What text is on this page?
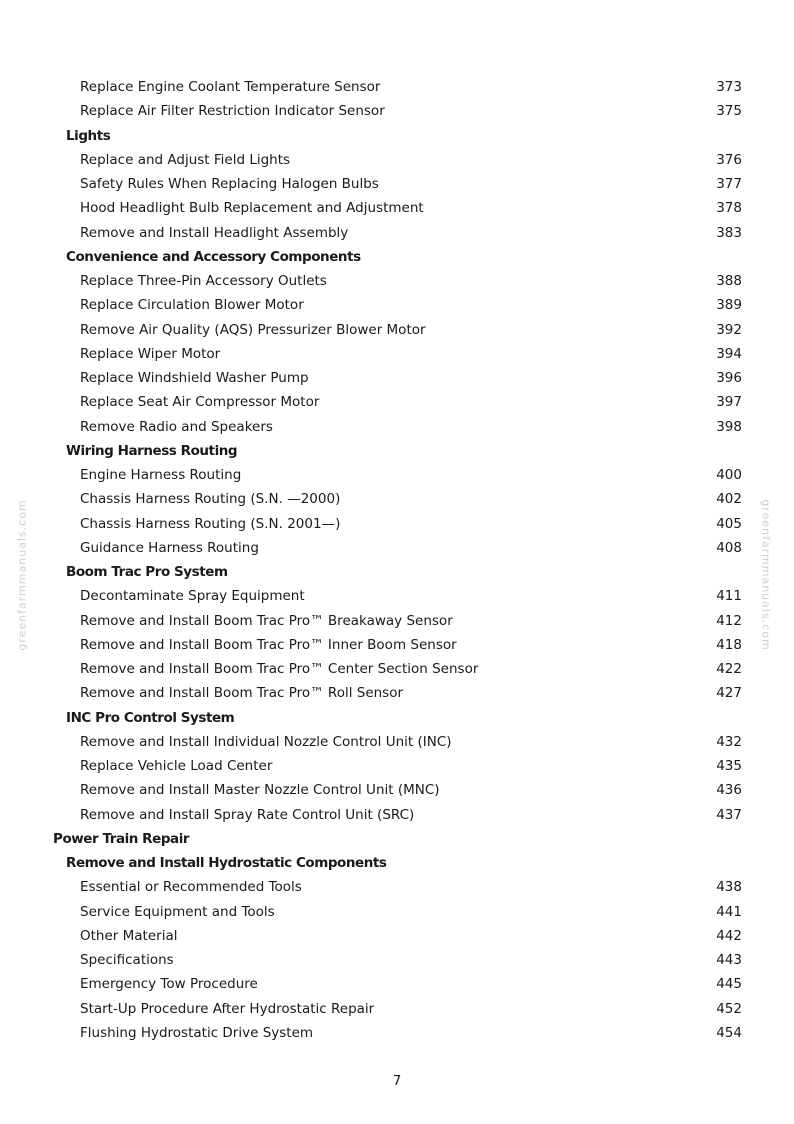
greenfarmmanuals.com	greenfarmmanuals.com
Replace Engine Coolant Temperature Sensor	373
Replace Air Filter Restriction Indicator Sensor	375
Lights
Replace and Adjust Field Lights	376
Safety Rules When Replacing Halogen Bulbs	377
Hood Headlight Bulb Replacement and Adjustment	378
Remove and Install Headlight Assembly	383
Convenience and Accessory Components
Replace Three-Pin Accessory Outlets	388
Replace Circulation Blower Motor	389
Remove Air Quality (AQS) Pressurizer Blower Motor	392
Replace Wiper Motor	394
Replace Windshield Washer Pump	396
Replace Seat Air Compressor Motor	397
Remove Radio and Speakers	398
Wiring Harness Routing
Engine Harness Routing	400
Chassis Harness Routing (S.N. —2000)	402
Chassis Harness Routing (S.N. 2001—)	405
Guidance Harness Routing	408
Boom Trac Pro System
Decontaminate Spray Equipment	411
Remove and Install Boom Trac Pro™ Breakaway Sensor	412
Remove and Install Boom Trac Pro™ Inner Boom Sensor	418
Remove and Install Boom Trac Pro™ Center Section Sensor	422
Remove and Install Boom Trac Pro™ Roll Sensor	427
INC Pro Control System
Remove and Install Individual Nozzle Control Unit (INC)	432
Replace Vehicle Load Center	435
Remove and Install Master Nozzle Control Unit (MNC)	436
Remove and Install Spray Rate Control Unit (SRC)	437
Power Train Repair
Remove and Install Hydrostatic Components
Essential or Recommended Tools	438
Service Equipment and Tools	441
Other Material	442
Specifications	443
Emergency Tow Procedure	445
Start-Up Procedure After Hydrostatic Repair	452
Flushing Hydrostatic Drive System	454
7
